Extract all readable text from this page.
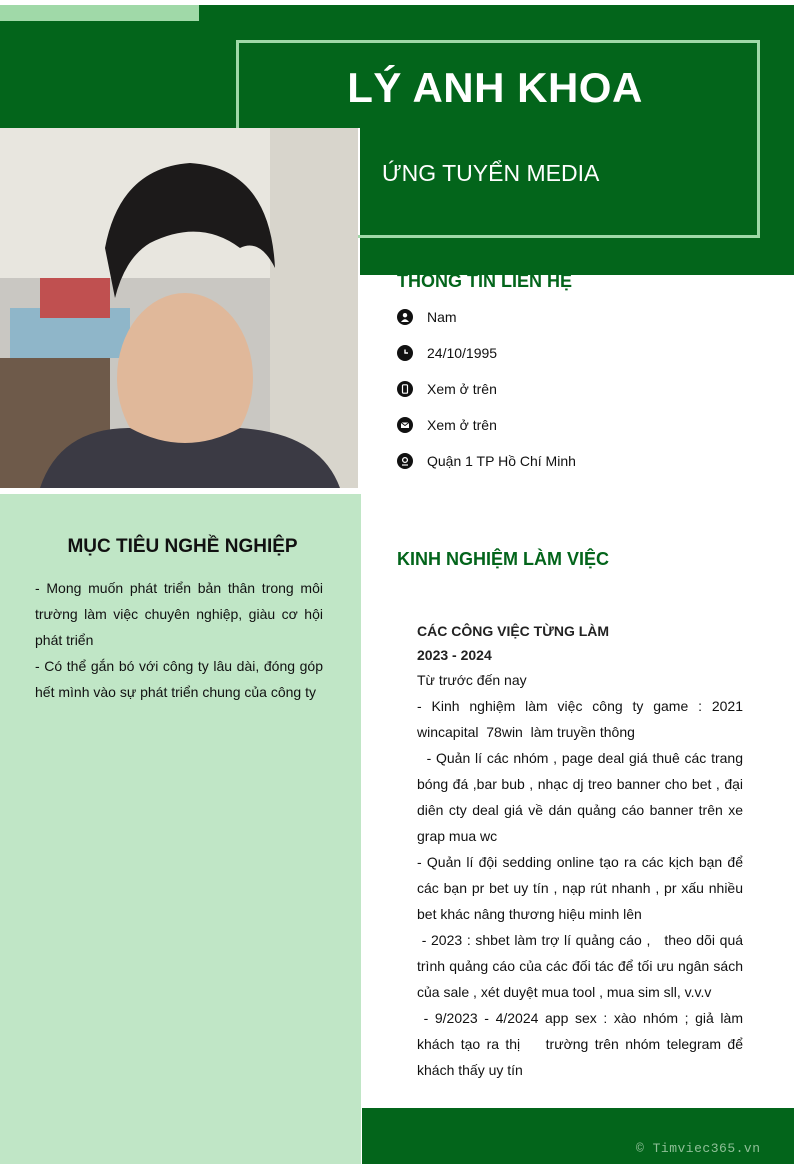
LÝ ANH KHOA
ỨNG TUYỂN MEDIA
MỤC TIÊU NGHỀ NGHIỆP

- Mong muốn phát triển bản thân trong môi trường làm việc chuyên nghiệp, giàu cơ hội phát triển

- Có thể gắn bó với công ty lâu dài, đóng góp hết mình vào sự phát triển chung của công ty

THÔNG TIN LIÊN HỆ
Nam
24/10/1995
Xem ở trên
Xem ở trên
Quận 1 TP Hồ Chí Minh
KINH NGHIỆM LÀM VIỆC
CÁC CÔNG VIỆC TỪNG LÀM
2023 - 2024

Từ trước đến nay

- Kinh nghiệm làm việc công ty game : 2021 wincapital  78win  làm truyền thông

- Quản lí các nhóm , page deal giá thuê các trang bóng đá ,bar bub , nhạc dj treo banner cho bet , đại diên cty deal giá về dán quảng cáo banner trên xe grap mua wc

- Quản lí đội sedding online tạo ra các kịch bạn để các bạn pr bet uy tín , nạp rút nhanh , pr xấu nhiều bet khác nâng thương hiệu minh lên

- 2023 : shbet làm trợ lí quảng cáo ,   theo dõi quá trình quảng cáo của các đối tác để tối ưu ngân sách của sale , xét duyệt mua tool , mua sim sll, v.v.v

- 9/2023 - 4/2024 app sex : xào nhóm ; giả làm khách tạo ra thị    trường trên nhóm telegram để khách thấy uy tín

© Timviec365.vn
